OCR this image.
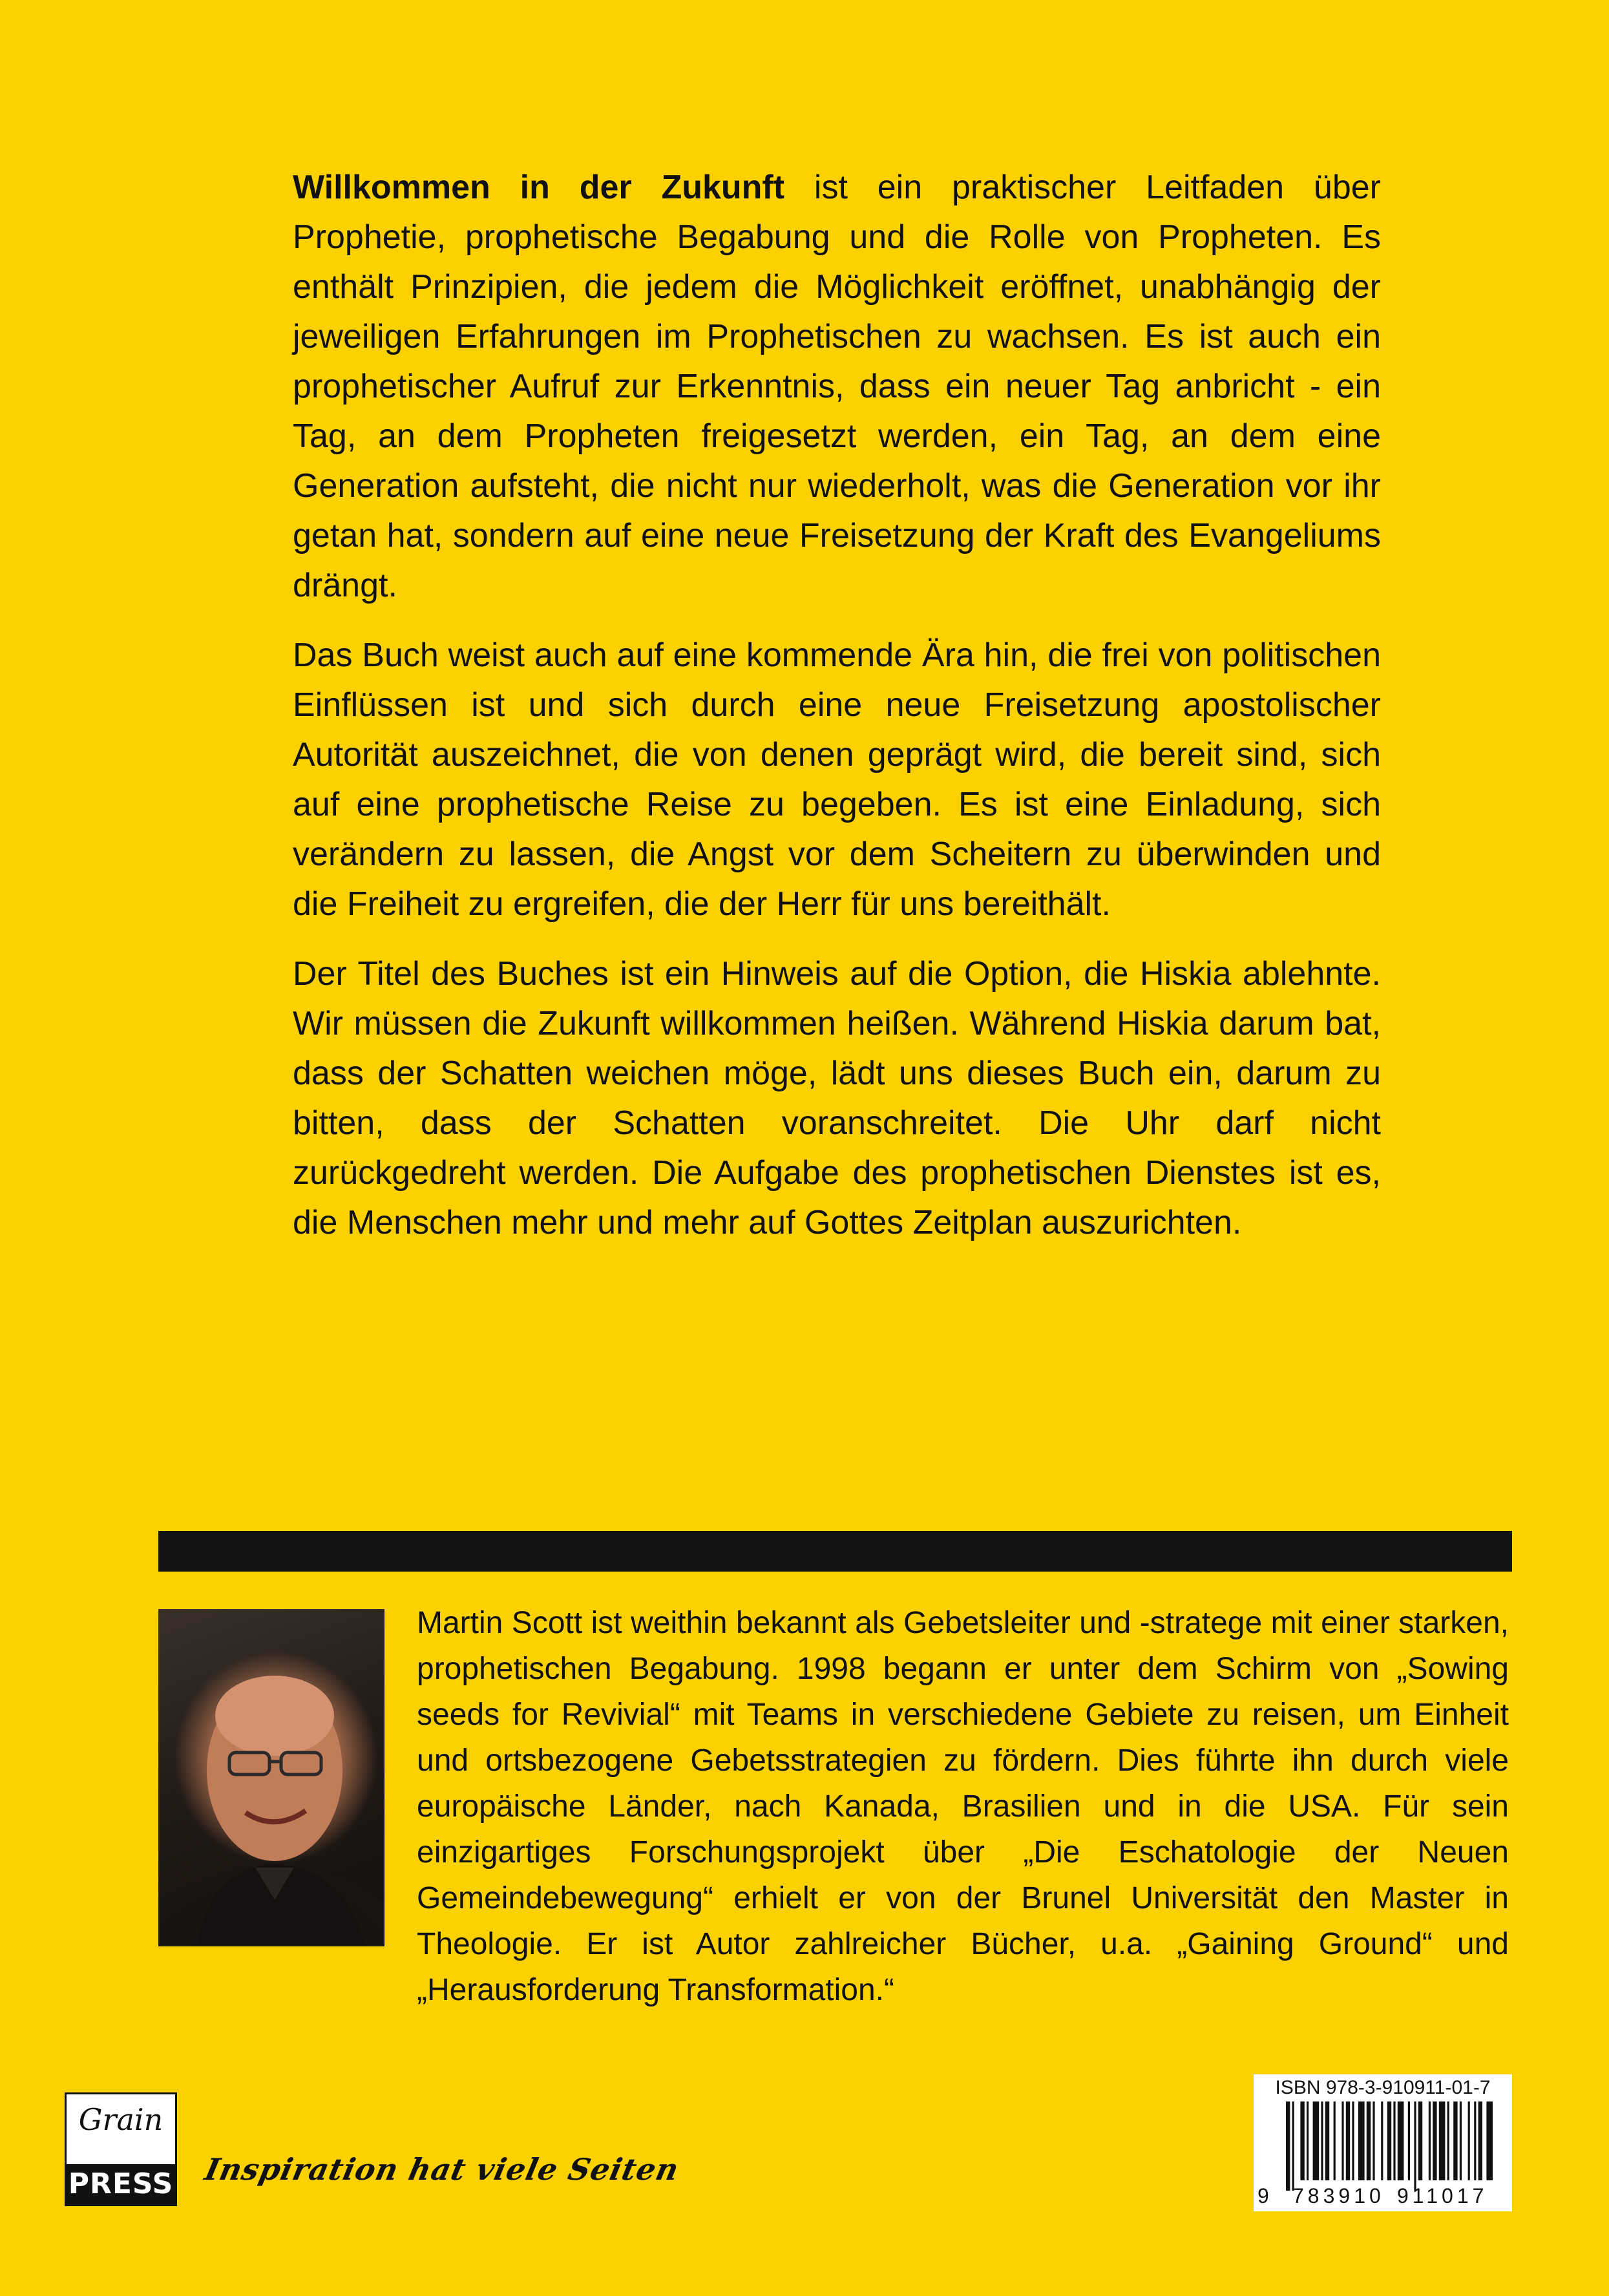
Willkommen in der Zukunft ist ein praktischer Leitfaden über Prophetie, prophetische Begabung und die Rolle von Propheten. Es enthält Prinzipien, die jedem die Möglichkeit eröffnet, unabhängig der jeweiligen Erfahrungen im Prophetischen zu wachsen. Es ist auch ein prophetischer Aufruf zur Erkenntnis, dass ein neuer Tag anbricht - ein Tag, an dem Propheten freigesetzt werden, ein Tag, an dem eine Generation aufsteht, die nicht nur wiederholt, was die Generation vor ihr getan hat, sondern auf eine neue Freisetzung der Kraft des Evangeliums drängt.

Das Buch weist auch auf eine kommende Ära hin, die frei von politischen Einflüssen ist und sich durch eine neue Freisetzung apostolischer Autorität auszeichnet, die von denen geprägt wird, die bereit sind, sich auf eine prophetische Reise zu begeben. Es ist eine Einladung, sich verändern zu lassen, die Angst vor dem Scheitern zu überwinden und die Freiheit zu ergreifen, die der Herr für uns bereithält.

Der Titel des Buches ist ein Hinweis auf die Option, die Hiskia ablehnte. Wir müssen die Zukunft willkommen heißen. Während Hiskia darum bat, dass der Schatten weichen möge, lädt uns dieses Buch ein, darum zu bitten, dass der Schatten voranschreitet. Die Uhr darf nicht zurückgedreht werden. Die Aufgabe des prophetischen Dienstes ist es, die Menschen mehr und mehr auf Gottes Zeitplan auszurichten.

Martin Scott ist weithin bekannt als Gebetsleiter und -stratege mit einer starken, prophetischen Begabung. 1998 begann er unter dem Schirm von „Sowing seeds for Revivial“ mit Teams in verschiedene Gebiete zu reisen, um Einheit und ortsbezogene Gebetsstrategien zu fördern. Dies führte ihn durch viele europäische Länder, nach Kanada, Brasilien und in die USA. Für sein einzigartiges Forschungsprojekt über „Die Eschatologie der Neuen Gemeindebewegung“ erhielt er von der Brunel Universität den Master in Theologie. Er ist Autor zahlreicher Bücher, u.a. „Gaining Ground“ und „Herausforderung Transformation.“

Grain
PRESS Inspiration hat viele Seiten
ISBN 978-3-910911-01-7
9 783910 911017
